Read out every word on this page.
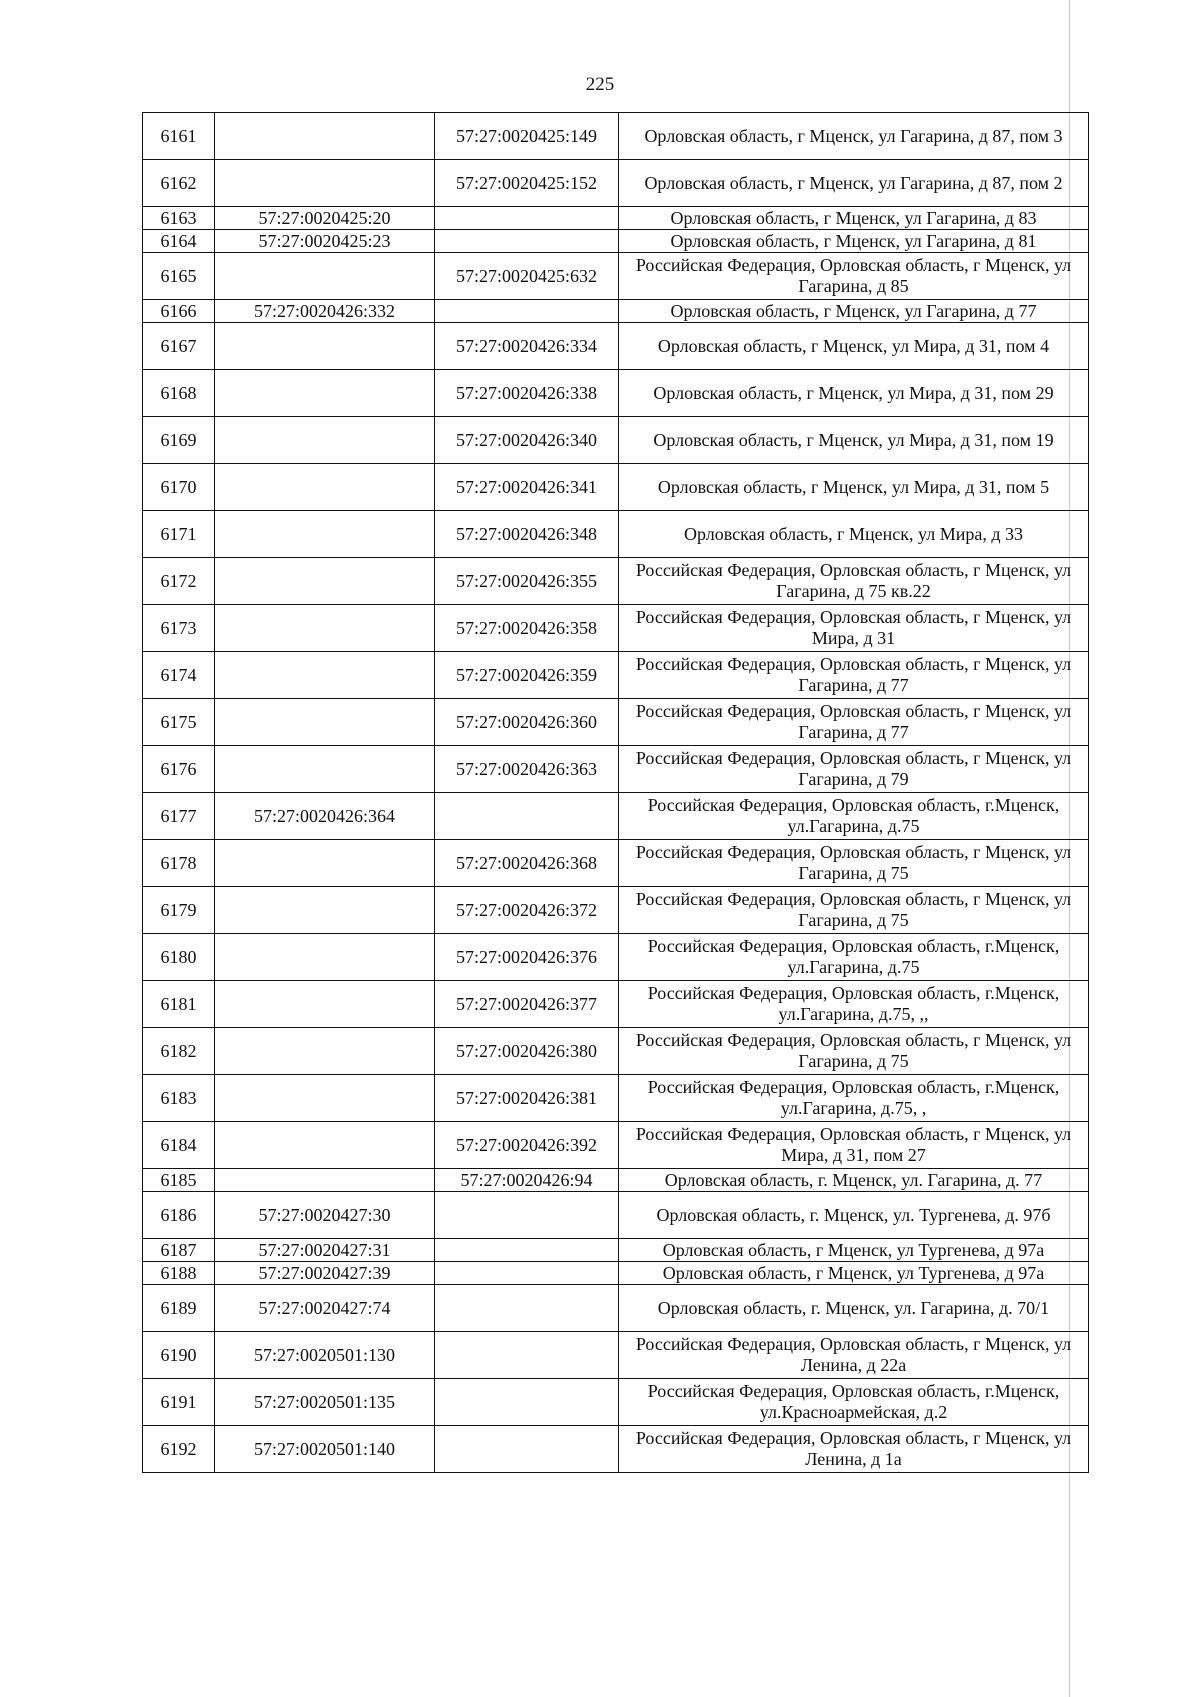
225
6161		57:27:0020425:149	Орловская область, г Мценск, ул Гагарина, д 87, пом 3
6162		57:27:0020425:152	Орловская область, г Мценск, ул Гагарина, д 87, пом 2
6163	57:27:0020425:20		Орловская область, г Мценск, ул Гагарина, д 83
6164	57:27:0020425:23		Орловская область, г Мценск, ул Гагарина, д 81
6165		57:27:0020425:632	Российская Федерация, Орловская область, г Мценск, ул Гагарина, д 85
6166	57:27:0020426:332		Орловская область, г Мценск, ул Гагарина, д 77
6167		57:27:0020426:334	Орловская область, г Мценск, ул Мира, д 31, пом 4
6168		57:27:0020426:338	Орловская область, г Мценск, ул Мира, д 31, пом 29
6169		57:27:0020426:340	Орловская область, г Мценск, ул Мира, д 31, пом 19
6170		57:27:0020426:341	Орловская область, г Мценск, ул Мира, д 31, пом 5
6171		57:27:0020426:348	Орловская область, г Мценск, ул Мира, д 33
6172		57:27:0020426:355	Российская Федерация, Орловская область, г Мценск, ул Гагарина, д 75 кв.22
6173		57:27:0020426:358	Российская Федерация, Орловская область, г Мценск, ул Мира, д 31
6174		57:27:0020426:359	Российская Федерация, Орловская область, г Мценск, ул Гагарина, д 77
6175		57:27:0020426:360	Российская Федерация, Орловская область, г Мценск, ул Гагарина, д 77
6176		57:27:0020426:363	Российская Федерация, Орловская область, г Мценск, ул Гагарина, д 79
6177	57:27:0020426:364		Российская Федерация, Орловская область, г.Мценск, ул.Гагарина, д.75
6178		57:27:0020426:368	Российская Федерация, Орловская область, г Мценск, ул Гагарина, д 75
6179		57:27:0020426:372	Российская Федерация, Орловская область, г Мценск, ул Гагарина, д 75
6180		57:27:0020426:376	Российская Федерация, Орловская область, г.Мценск, ул.Гагарина, д.75
6181		57:27:0020426:377	Российская Федерация, Орловская область, г.Мценск, ул.Гагарина, д.75, ,,
6182		57:27:0020426:380	Российская Федерация, Орловская область, г Мценск, ул Гагарина, д 75
6183		57:27:0020426:381	Российская Федерация, Орловская область, г.Мценск, ул.Гагарина, д.75, ,
6184		57:27:0020426:392	Российская Федерация, Орловская область, г Мценск, ул Мира, д 31, пом 27
6185		57:27:0020426:94	Орловская область, г. Мценск, ул. Гагарина, д. 77
6186	57:27:0020427:30		Орловская область, г. Мценск, ул. Тургенева, д. 97б
6187	57:27:0020427:31		Орловская область, г Мценск, ул Тургенева, д 97а
6188	57:27:0020427:39		Орловская область, г Мценск, ул Тургенева, д 97а
6189	57:27:0020427:74		Орловская область, г. Мценск, ул. Гагарина, д. 70/1
6190	57:27:0020501:130		Российская Федерация, Орловская область, г Мценск, ул Ленина, д 22а
6191	57:27:0020501:135		Российская Федерация, Орловская область, г.Мценск, ул.Красноармейская, д.2
6192	57:27:0020501:140		Российская Федерация, Орловская область, г Мценск, ул Ленина, д 1а
